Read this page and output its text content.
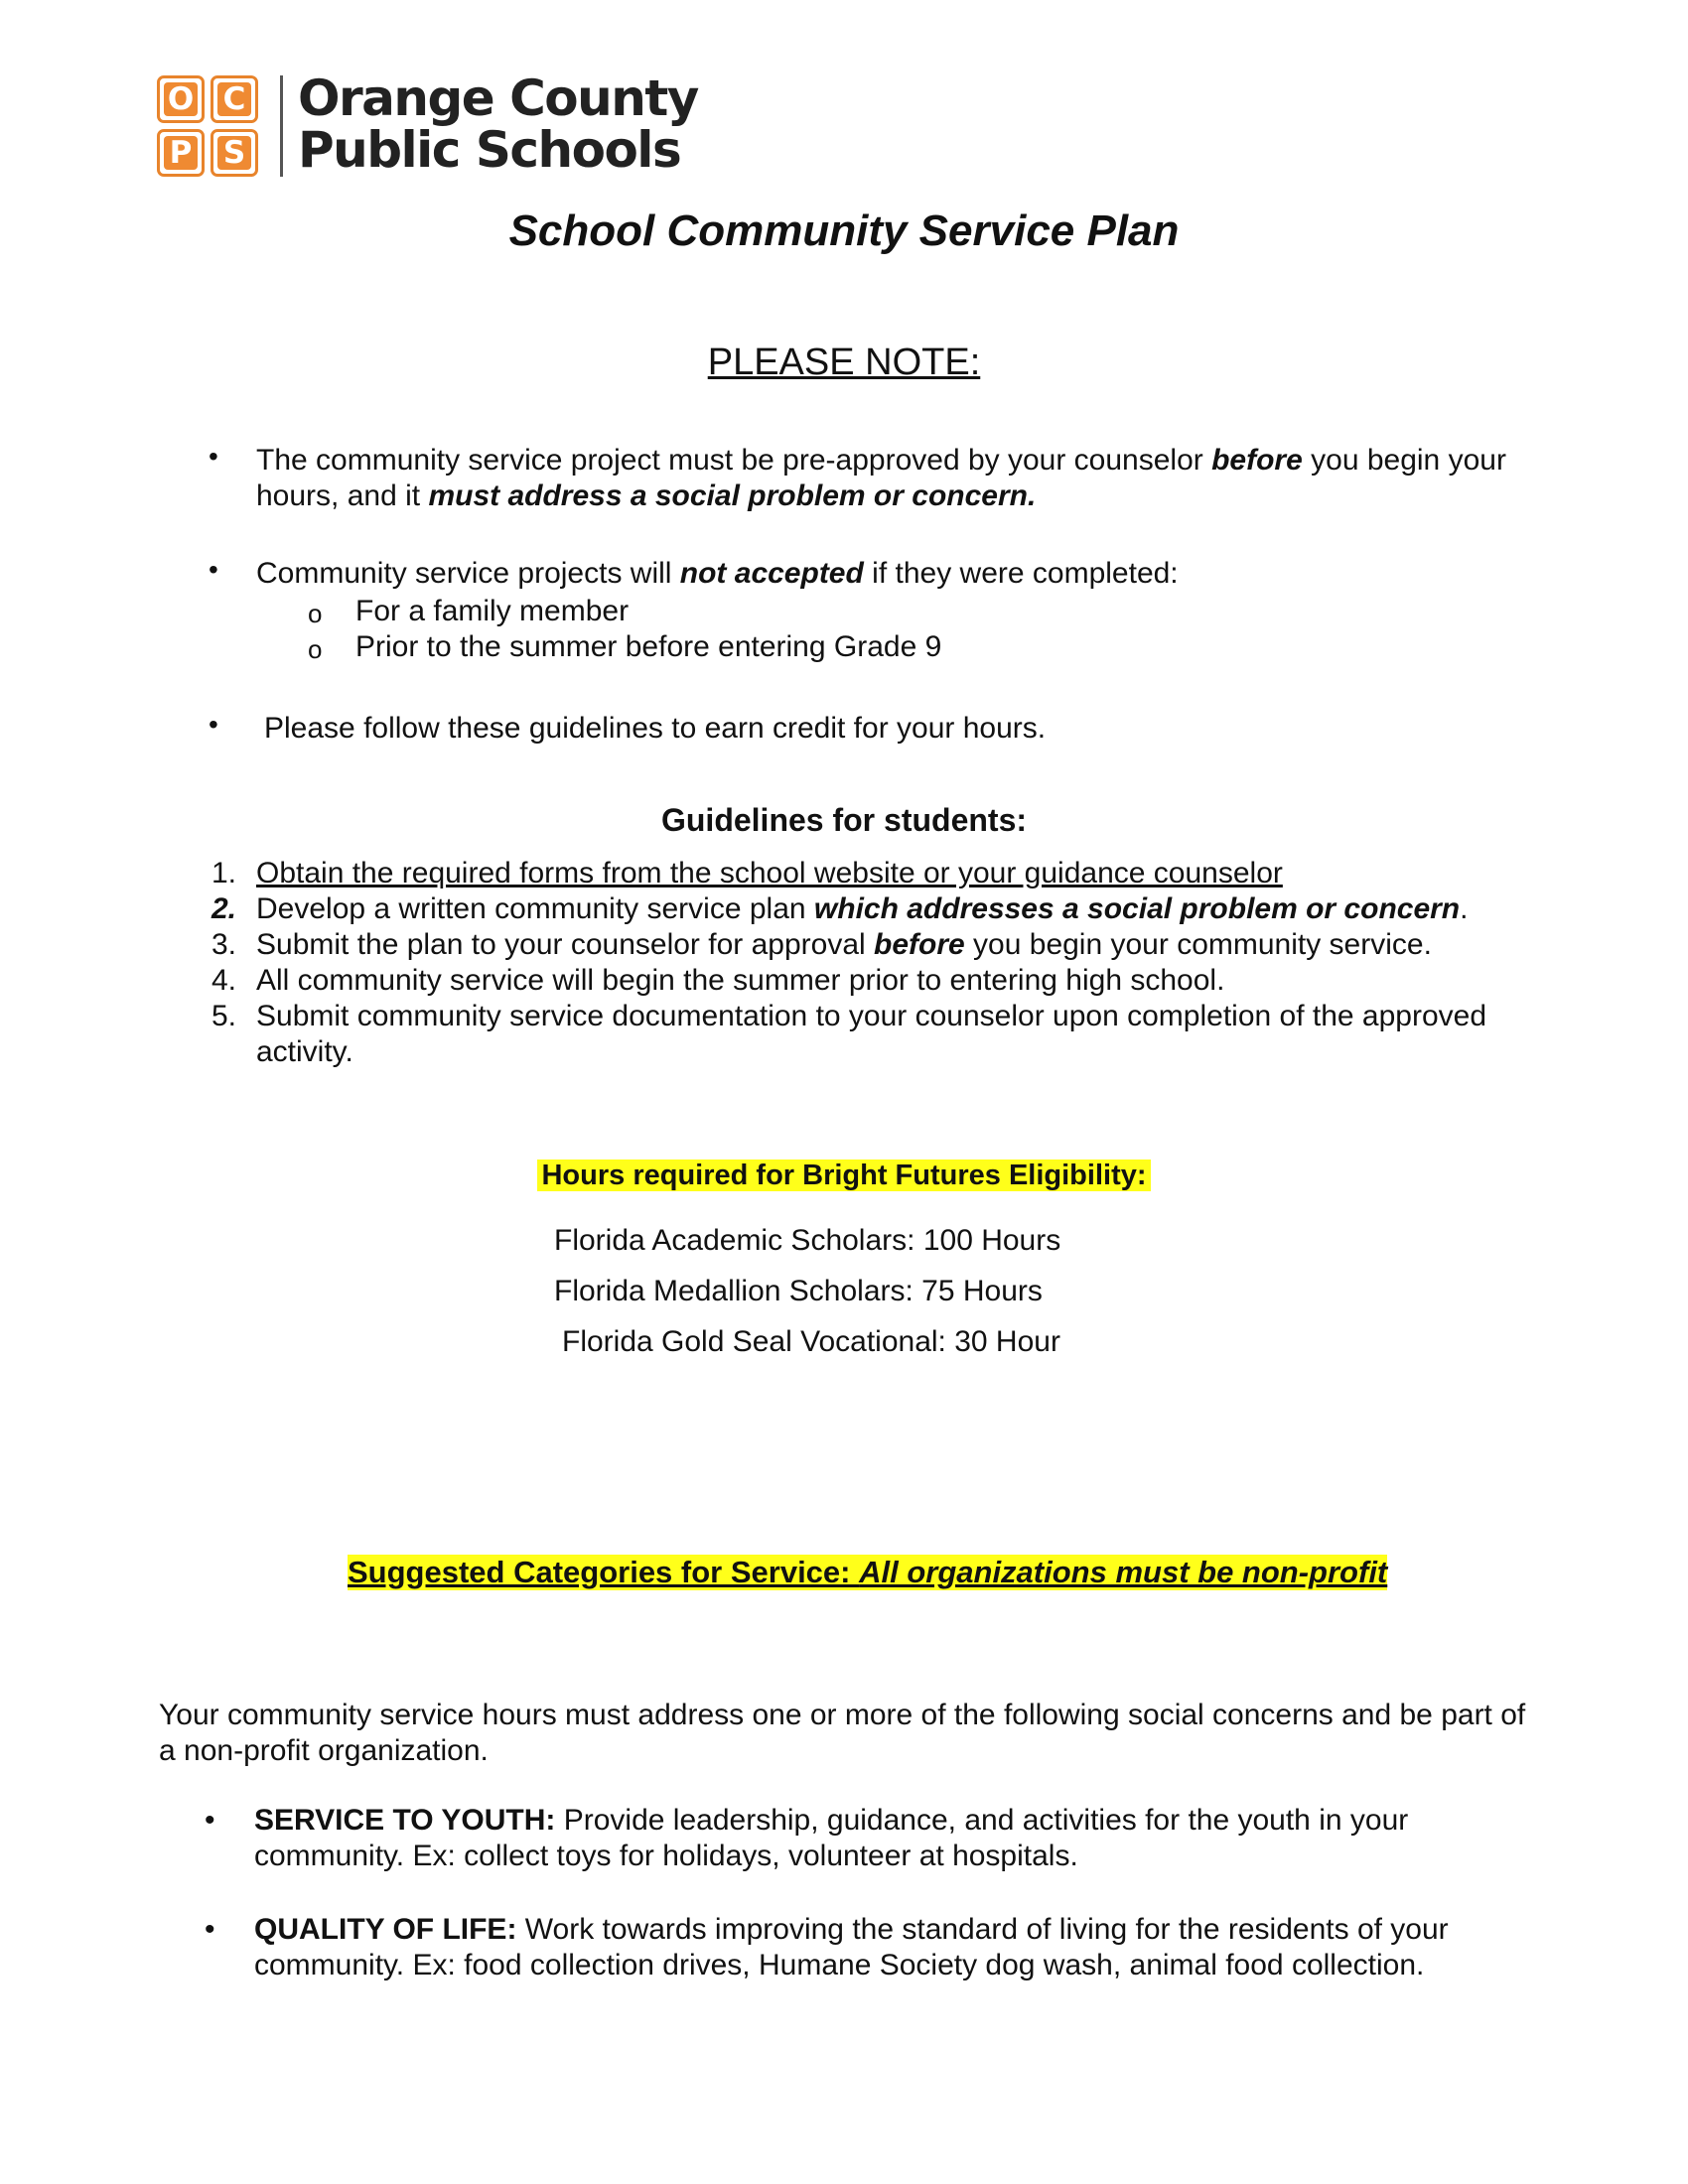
O C
P S
Orange County
Public Schools
School Community Service Plan
PLEASE NOTE:
• The community service project must be pre-approved by your counselor before you begin your
hours, and it must address a social problem or concern.
• Community service projects will not accepted if they were completed:
o For a family member
o Prior to the summer before entering Grade 9
• Please follow these guidelines to earn credit for your hours.
Guidelines for students:
1. Obtain the required forms from the school website or your guidance counselor
2. Develop a written community service plan which addresses a social problem or concern.
3. Submit the plan to your counselor for approval before you begin your community service.
4. All community service will begin the summer prior to entering high school.
5. Submit community service documentation to your counselor upon completion of the approved
activity.
Hours required for Bright Futures Eligibility:
Florida Academic Scholars: 100 Hours
Florida Medallion Scholars: 75 Hours
Florida Gold Seal Vocational: 30 Hour
Suggested Categories for Service: All organizations must be non-profit
Your community service hours must address one or more of the following social concerns and be part of
a non-profit organization.
• SERVICE TO YOUTH: Provide leadership, guidance, and activities for the youth in your
community. Ex: collect toys for holidays, volunteer at hospitals.
• QUALITY OF LIFE: Work towards improving the standard of living for the residents of your
community. Ex: food collection drives, Humane Society dog wash, animal food collection.
